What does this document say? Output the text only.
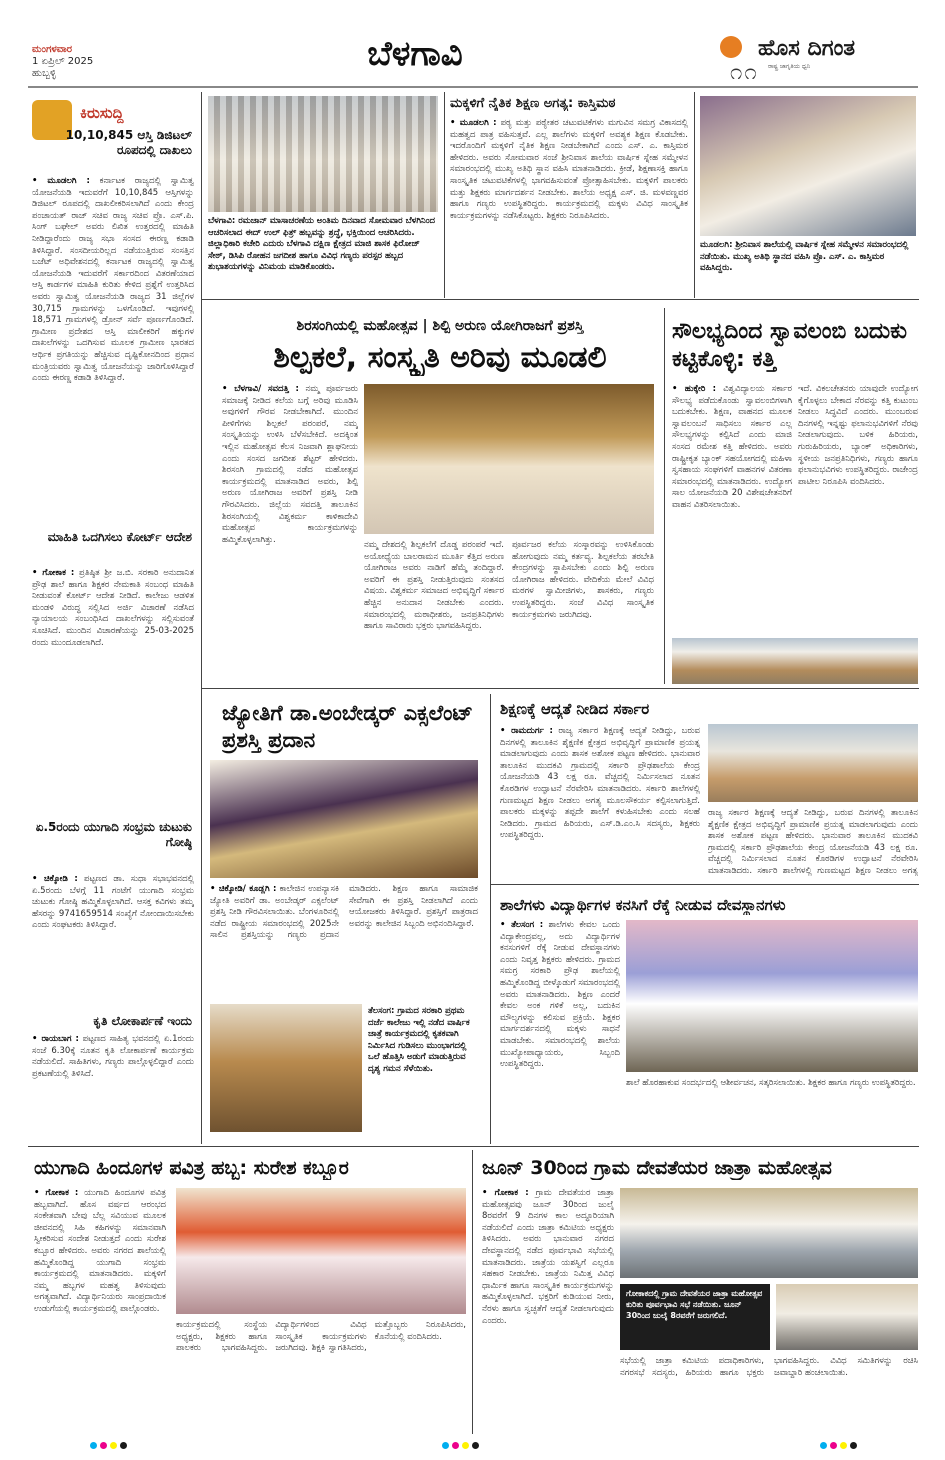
ಮಂಗಳವಾರ
1 ಏಪ್ರಿಲ್ 2025
ಹುಬ್ಬಳ್ಳಿ	ಬೆಳಗಾವಿ	ಹೊಸ ದಿಗಂತ
ರಾಷ್ಟ್ರ ಜಾಗೃತಿಯ ಧ್ವನಿ
೧೧
ಕಿರುಸುದ್ದಿ
10,10,845 ಆಸ್ತಿ ಡಿಜಿಟಲ್ ರೂಪದಲ್ಲಿ ದಾಖಲು
• ಮೂಡಲಗಿ : ಕರ್ನಾಟಕ ರಾಜ್ಯದಲ್ಲಿ ಸ್ವಾಮಿತ್ವ ಯೋಜನೆಯಡಿ ಇದುವರೆಗೆ 10,10,845 ಆಸ್ತಿಗಳನ್ನು ಡಿಜಿಟಲ್ ರೂಪದಲ್ಲಿ ದಾಖಲೀಕರಿಸಲಾಗಿದೆ ಎಂದು ಕೇಂದ್ರ ಪಂಚಾಯತ್ ರಾಜ್ ಸಚಿವ ರಾಜ್ಯ ಸಚಿವ ಪ್ರೊ. ಎಸ್.ಪಿ. ಸಿಂಗ್ ಬಘೇಲ್ ಅವರು ಲಿಖಿತ ಉತ್ತರದಲ್ಲಿ ಮಾಹಿತಿ ನೀಡಿದ್ದಾರೆಂದು ರಾಜ್ಯ ಸಭಾ ಸಂಸದ ಈರಣ್ಣ ಕಡಾಡಿ ತಿಳಿಸಿದ್ದಾರೆ. ಸಂಸದೀಯರಿಲ್ಲದ ನಡೆಯುತ್ತಿರುವ ಸಂಸತ್ತಿನ ಬಜೆಟ್ ಅಧಿವೇಶನದಲ್ಲಿ ಕರ್ನಾಟಕ ರಾಜ್ಯದಲ್ಲಿ ಸ್ವಾಮಿತ್ವ ಯೋಜನೆಯಡಿ ಇದುವರೆಗೆ ಸರ್ಕಾರದಿಂದ ವಿತರಣೆಯಾದ ಆಸ್ತಿ ಕಾರ್ಡಗಳ ಮಾಹಿತಿ ಕುರಿತು ಕೇಳಿದ ಪ್ರಶ್ನೆಗೆ ಉತ್ತರಿಸಿದ ಅವರು ಸ್ವಾಮಿತ್ವ ಯೋಜನೆಯಡಿ ರಾಜ್ಯದ 31 ಜಿಲ್ಲೆಗಳ 30,715 ಗ್ರಾಮಗಳನ್ನು ಒಳಗೊಂಡಿದೆ. ಇವುಗಳಲ್ಲಿ 18,571 ಗ್ರಾಮಗಳಲ್ಲಿ ಡ್ರೋನ್ ಸರ್ವೆ ಪೂರ್ಣಗೊಂಡಿದೆ. ಗ್ರಾಮೀಣ ಪ್ರದೇಶದ ಆಸ್ತಿ ಮಾಲೀಕರಿಗೆ ಹಕ್ಕುಗಳ ದಾಖಲೆಗಳನ್ನು ಒದಗಿಸುವ ಮೂಲಕ ಗ್ರಾಮೀಣ ಭಾರತದ ಆರ್ಥಿಕ ಪ್ರಗತಿಯನ್ನು ಹೆಚ್ಚಿಸುವ ದೃಷ್ಟಿಕೋನದಿಂದ ಪ್ರಧಾನ ಮಂತ್ರಿಯವರು ಸ್ವಾಮಿತ್ವ ಯೋಜನೆಯನ್ನು ಜಾರಿಗೊಳಿಸಿದ್ದಾರೆ ಎಂದು ಈರಣ್ಣ ಕಡಾಡಿ ತಿಳಿಸಿದ್ದಾರೆ.
ಮಾಹಿತಿ ಒದಗಿಸಲು ಕೋರ್ಟ್ ಆದೇಶ
• ಗೋಕಾಕ : ಪ್ರತಿಷ್ಠಿತ ಶ್ರೀ ಜ.ಬಿ. ಸರಕಾರಿ ಅನುದಾನಿತ ಪ್ರೌಢ ಶಾಲೆ ಹಾಗೂ ಶಿಕ್ಷಕರ ನೇಮಕಾತಿ ಸಂಬಂಧ ಮಾಹಿತಿ ನೀಡುವಂತೆ ಕೋರ್ಟ್ ಆದೇಶ ನೀಡಿದೆ. ಕಾಲೇಜು ಆಡಳಿತ ಮಂಡಳಿ ವಿರುದ್ಧ ಸಲ್ಲಿಸಿದ ಅರ್ಜಿ ವಿಚಾರಣೆ ನಡೆಸಿದ ನ್ಯಾಯಾಲಯ ಸಂಬಂಧಿಸಿದ ದಾಖಲೆಗಳನ್ನು ಸಲ್ಲಿಸುವಂತೆ ಸೂಚಿಸಿದೆ. ಮುಂದಿನ ವಿಚಾರಣೆಯನ್ನು 25-03-2025 ರಂದು ಮುಂದೂಡಲಾಗಿದೆ.
ಏ.5ರಂದು ಯುಗಾದಿ ಸಂಭ್ರಮ ಚುಟುಕು ಗೋಷ್ಠಿ
• ಚಿಕ್ಕೋಡಿ : ಪಟ್ಟಣದ ಡಾ. ಸುಧಾ ಸಭಾಭವನದಲ್ಲಿ ಏ.5ರಂದು ಬೆಳಗ್ಗೆ 11 ಗಂಟೆಗೆ ಯುಗಾದಿ ಸಂಭ್ರಮ ಚುಟುಕು ಗೋಷ್ಠಿ ಹಮ್ಮಿಕೊಳ್ಳಲಾಗಿದೆ. ಆಸಕ್ತ ಕವಿಗಳು ತಮ್ಮ ಹೆಸರನ್ನು 9741659514 ಸಂಖ್ಯೆಗೆ ನೋಂದಾಯಿಸಬೇಕು ಎಂದು ಸಂಘಟಕರು ತಿಳಿಸಿದ್ದಾರೆ.
ಕೃತಿ ಲೋಕಾರ್ಪಣೆ ಇಂದು
• ರಾಯಬಾಗ : ಪಟ್ಟಣದ ಸಾಹಿತ್ಯ ಭವನದಲ್ಲಿ ಏ.1ರಂದು ಸಂಜೆ 6.30ಕ್ಕೆ ನೂತನ ಕೃತಿ ಲೋಕಾರ್ಪಣೆ ಕಾರ್ಯಕ್ರಮ ನಡೆಯಲಿದೆ. ಸಾಹಿತಿಗಳು, ಗಣ್ಯರು ಪಾಲ್ಗೊಳ್ಳಲಿದ್ದಾರೆ ಎಂದು ಪ್ರಕಟಣೆಯಲ್ಲಿ ತಿಳಿಸಿದೆ.
ಬೆಳಗಾವಿ: ರಮಜಾನ್ ಮಾಸಾಚರಣೆಯ ಅಂತಿಮ ದಿನವಾದ ಸೋಮವಾರ ಬೆಳಗಿನಿಂದ ಆಚರಿಸಲಾದ ಈದ್ ಉಲ್ ಫಿತ್ರ್ ಹಬ್ಬವನ್ನು ಶ್ರದ್ಧೆ, ಭಕ್ತಿಯಿಂದ ಆಚರಿಸಿದರು. ಜಿಲ್ಲಾಧಿಕಾರಿ ಕಚೇರಿ ಎದುರು ಬೆಳಗಾವಿ ದಕ್ಷಿಣ ಕ್ಷೇತ್ರದ ಮಾಜಿ ಶಾಸಕ ಫಿರೋಜ್ ಸೇಠ್, ಡಿಸಿಪಿ ರೋಹನ ಜಗದೀಶ ಹಾಗೂ ವಿವಿಧ ಗಣ್ಯರು ಪರಸ್ಪರ ಹಬ್ಬದ ಶುಭಾಶಯಗಳನ್ನು ವಿನಿಮಯ ಮಾಡಿಕೊಂಡರು.
ಮಕ್ಕಳಿಗೆ ನೈತಿಕ ಶಿಕ್ಷಣ ಅಗತ್ಯ: ಕಾಸ್ತಿಮಠ
• ಮೂಡಲಗಿ : ಪಠ್ಯ ಮತ್ತು ಪಠ್ಯೇತರ ಚಟುವಟಿಕೆಗಳು ಮಗುವಿನ ಸಮಗ್ರ ವಿಕಾಸದಲ್ಲಿ ಮಹತ್ವದ ಪಾತ್ರ ವಹಿಸುತ್ತವೆ. ಎಲ್ಲ ಶಾಲೆಗಳು ಮಕ್ಕಳಿಗೆ ಅವಶ್ಯಕ ಶಿಕ್ಷಣ ಕೊಡಬೇಕು. ಇದರೊಂದಿಗೆ ಮಕ್ಕಳಿಗೆ ನೈತಿಕ ಶಿಕ್ಷಣ ನೀಡಬೇಕಾಗಿದೆ ಎಂದು ಎಸ್. ಎ. ಕಾಸ್ತಿಮಠ ಹೇಳಿದರು. ಅವರು ಸೋಮವಾರ ಸಂಜೆ ಶ್ರೀನಿವಾಸ ಶಾಲೆಯ ವಾರ್ಷಿಕ ಸ್ನೇಹ ಸಮ್ಮೇಳನ ಸಮಾರಂಭದಲ್ಲಿ ಮುಖ್ಯ ಅತಿಥಿ ಸ್ಥಾನ ವಹಿಸಿ ಮಾತನಾಡಿದರು. ಕ್ರೀಡೆ, ಶಿಕ್ಷಣಾಸಕ್ತಿ ಹಾಗೂ ಸಾಂಸ್ಕೃತಿಕ ಚಟುವಟಿಕೆಗಳಲ್ಲಿ ಭಾಗವಹಿಸುವಂತೆ ಪ್ರೋತ್ಸಾಹಿಸಬೇಕು. ಮಕ್ಕಳಿಗೆ ಪಾಲಕರು ಮತ್ತು ಶಿಕ್ಷಕರು ಮಾರ್ಗದರ್ಶನ ನೀಡಬೇಕು. ಶಾಲೆಯ ಅಧ್ಯಕ್ಷ ಎಸ್. ಜಿ. ಮಳವಣ್ಣವರ ಹಾಗೂ ಗಣ್ಯರು ಉಪಸ್ಥಿತರಿದ್ದರು. ಕಾರ್ಯಕ್ರಮದಲ್ಲಿ ಮಕ್ಕಳು ವಿವಿಧ ಸಾಂಸ್ಕೃತಿಕ ಕಾರ್ಯಕ್ರಮಗಳನ್ನು ನಡೆಸಿಕೊಟ್ಟರು. ಶಿಕ್ಷಕರು ನಿರೂಪಿಸಿದರು.
ಮೂಡಲಗಿ: ಶ್ರೀನಿವಾಸ ಶಾಲೆಯಲ್ಲಿ ವಾರ್ಷಿಕ ಸ್ನೇಹ ಸಮ್ಮೇಳನ ಸಮಾರಂಭದಲ್ಲಿ ನಡೆಯಿತು. ಮುಖ್ಯ ಅತಿಥಿ ಸ್ಥಾನದ ವಹಿಸಿ ಪ್ರೊ. ಎಸ್. ಎ. ಕಾಸ್ತಿಮಠ ವಹಿಸಿದ್ದರು.
ಶಿರಸಂಗಿಯಲ್ಲಿ ಮಹೋತ್ಸವ | ಶಿಲ್ಪಿ ಅರುಣ ಯೋಗಿರಾಜಗೆ ಪ್ರಶಸ್ತಿ
ಶಿಲ್ಪಕಲೆ, ಸಂಸ್ಕೃತಿ ಅರಿವು ಮೂಡಲಿ
• ಬೆಳಗಾವಿ/ ಸವದತ್ತಿ : ನಮ್ಮ ಪೂರ್ವಜರು ಸಮಾಜಕ್ಕೆ ನೀಡಿದ ಕಲೆಯ ಬಗ್ಗೆ ಅರಿವು ಮೂಡಿಸಿ ಅವುಗಳಿಗೆ ಗೌರವ ನೀಡಬೇಕಾಗಿದೆ. ಮುಂದಿನ ಪೀಳಿಗೆಗಳು ಶಿಲ್ಪಕಲೆ ಪರಂಪರೆ, ನಮ್ಮ ಸಂಸ್ಕೃತಿಯನ್ನು ಉಳಿಸಿ ಬೆಳೆಸಬೇಕಿದೆ. ಅದಕ್ಕಿಂತ ಇಲ್ಲಿನ ಮಹೋತ್ಸವ ಕೆಲಸ ನಿಜವಾಗಿ ಶ್ಲಾಘನೀಯ ಎಂದು ಸಂಸದ ಜಗದೀಶ ಶೆಟ್ಟರ್ ಹೇಳಿದರು. ಶಿರಸಂಗಿ ಗ್ರಾಮದಲ್ಲಿ ನಡೆದ ಮಹೋತ್ಸವ ಕಾರ್ಯಕ್ರಮದಲ್ಲಿ ಮಾತನಾಡಿದ ಅವರು, ಶಿಲ್ಪಿ ಅರುಣ ಯೋಗಿರಾಜ ಅವರಿಗೆ ಪ್ರಶಸ್ತಿ ನೀಡಿ ಗೌರವಿಸಿದರು. ಜಿಲ್ಲೆಯ ಸವದತ್ತಿ ತಾಲೂಕಿನ ಶಿರಸಂಗಿಯಲ್ಲಿ ವಿಶ್ವಕರ್ಮ ಕಾಳಿಕಾದೇವಿ ಮಹೋತ್ಸವ ಕಾರ್ಯಕ್ರಮಗಳನ್ನು ಹಮ್ಮಿಕೊಳ್ಳಲಾಗಿತ್ತು.
ನಮ್ಮ ದೇಶದಲ್ಲಿ ಶಿಲ್ಪಕಲೆಗೆ ದೊಡ್ಡ ಪರಂಪರೆ ಇದೆ. ಅಯೋಧ್ಯೆಯ ಬಾಲರಾಮನ ಮೂರ್ತಿ ಕೆತ್ತಿದ ಅರುಣ ಯೋಗಿರಾಜ ಅವರು ನಾಡಿಗೆ ಹೆಮ್ಮೆ ತಂದಿದ್ದಾರೆ. ಅವರಿಗೆ ಈ ಪ್ರಶಸ್ತಿ ನೀಡುತ್ತಿರುವುದು ಸಂತಸದ ವಿಷಯ. ವಿಶ್ವಕರ್ಮ ಸಮಾಜದ ಅಭಿವೃದ್ಧಿಗೆ ಸರ್ಕಾರ ಹೆಚ್ಚಿನ ಅನುದಾನ ನೀಡಬೇಕು ಎಂದರು. ಸಮಾರಂಭದಲ್ಲಿ ಮಠಾಧೀಶರು, ಜನಪ್ರತಿನಿಧಿಗಳು ಹಾಗೂ ಸಾವಿರಾರು ಭಕ್ತರು ಭಾಗವಹಿಸಿದ್ದರು.
ಪೂರ್ವಜರ ಕಲೆಯ ಸಂಸ್ಕಾರವನ್ನು ಉಳಿಸಿಕೊಂಡು ಹೋಗುವುದು ನಮ್ಮ ಕರ್ತವ್ಯ. ಶಿಲ್ಪಕಲೆಯ ತರಬೇತಿ ಕೇಂದ್ರಗಳನ್ನು ಸ್ಥಾಪಿಸಬೇಕು ಎಂದು ಶಿಲ್ಪಿ ಅರುಣ ಯೋಗಿರಾಜ ಹೇಳಿದರು. ವೇದಿಕೆಯ ಮೇಲೆ ವಿವಿಧ ಮಠಗಳ ಸ್ವಾಮೀಜಿಗಳು, ಶಾಸಕರು, ಗಣ್ಯರು ಉಪಸ್ಥಿತರಿದ್ದರು. ಸಂಜೆ ವಿವಿಧ ಸಾಂಸ್ಕೃತಿಕ ಕಾರ್ಯಕ್ರಮಗಳು ಜರುಗಿದವು.
ಸೌಲಭ್ಯದಿಂದ ಸ್ವಾವಲಂಬಿ ಬದುಕು ಕಟ್ಟಿಕೊಳ್ಳಿ: ಕತ್ತಿ
• ಹುಕ್ಕೇರಿ : ವಿಶ್ವವಿದ್ಯಾಲಯ ಸರ್ಕಾರ ಸೌಲಭ್ಯ ಪಡೆದುಕೊಂಡು ಸ್ವಾವಲಂಬಿಗಳಾಗಿ ಬದುಕಬೇಕು. ಶಿಕ್ಷಣ, ವಾಹನದ ಮೂಲಕ ಸ್ವಾವಲಂಬನೆ ಸಾಧಿಸಲು ಸರ್ಕಾರ ಎಲ್ಲ ಸೌಲಭ್ಯಗಳನ್ನು ಕಲ್ಪಿಸಿದೆ ಎಂದು ಮಾಜಿ ಸಂಸದ ರಮೇಶ ಕತ್ತಿ ಹೇಳಿದರು. ಅವರು ರಾಷ್ಟ್ರೀಕೃತ ಬ್ಯಾಂಕ್ ಸಹಯೋಗದಲ್ಲಿ ಮಹಿಳಾ ಸ್ವಸಹಾಯ ಸಂಘಗಳಿಗೆ ವಾಹನಗಳ ವಿತರಣಾ ಸಮಾರಂಭದಲ್ಲಿ ಮಾತನಾಡಿದರು. ಉದ್ಯೋಗ ಸಾಲ ಯೋಜನೆಯಡಿ 20 ವಿಶೇಷಚೇತನರಿಗೆ ವಾಹನ ವಿತರಿಸಲಾಯಿತು.
ಇದೆ. ವಿಕಲಚೇತನರು ಯಾವುದೇ ಉದ್ಯೋಗ ಕೈಗೊಳ್ಳಲು ಬೇಕಾದ ನೆರವನ್ನು ಕತ್ತಿ ಕುಟುಂಬ ನೀಡಲು ಸಿದ್ಧವಿದೆ ಎಂದರು. ಮುಂಬರುವ ದಿನಗಳಲ್ಲಿ ಇನ್ನಷ್ಟು ಫಲಾನುಭವಿಗಳಿಗೆ ನೆರವು ನೀಡಲಾಗುವುದು. ಬಳಿಕ ಹಿರಿಯರು, ಗುರುಹಿರಿಯರು, ಬ್ಯಾಂಕ್ ಅಧಿಕಾರಿಗಳು, ಸ್ಥಳೀಯ ಜನಪ್ರತಿನಿಧಿಗಳು, ಗಣ್ಯರು ಹಾಗೂ ಫಲಾನುಭವಿಗಳು ಉಪಸ್ಥಿತರಿದ್ದರು. ರಾಜೇಂದ್ರ ಪಾಟೀಲ ನಿರೂಪಿಸಿ ವಂದಿಸಿದರು.
ಜ್ಯೋತಿಗೆ ಡಾ.ಅಂಬೇಡ್ಕರ್ ಎಕ್ಸಲೆಂಟ್ ಪ್ರಶಸ್ತಿ ಪ್ರದಾನ
• ಚಿಕ್ಕೋಡಿ/ ಕೂಡ್ಲಗಿ : ಕಾಲೇಜಿನ ಉಪನ್ಯಾಸಕಿ ಜ್ಯೋತಿ ಅವರಿಗೆ ಡಾ. ಅಂಬೇಡ್ಕರ್ ಎಕ್ಸಲೆಂಟ್ ಪ್ರಶಸ್ತಿ ನೀಡಿ ಗೌರವಿಸಲಾಯಿತು. ಬೆಂಗಳೂರಿನಲ್ಲಿ ನಡೆದ ರಾಷ್ಟ್ರೀಯ ಸಮಾರಂಭದಲ್ಲಿ 2025ನೇ ಸಾಲಿನ ಪ್ರಶಸ್ತಿಯನ್ನು ಗಣ್ಯರು ಪ್ರದಾನ ಮಾಡಿದರು. ಶಿಕ್ಷಣ ಹಾಗೂ ಸಾಮಾಜಿಕ ಸೇವೆಗಾಗಿ ಈ ಪ್ರಶಸ್ತಿ ನೀಡಲಾಗಿದೆ ಎಂದು ಆಯೋಜಕರು ತಿಳಿಸಿದ್ದಾರೆ. ಪ್ರಶಸ್ತಿಗೆ ಪಾತ್ರರಾದ ಅವರನ್ನು ಕಾಲೇಜಿನ ಸಿಬ್ಬಂದಿ ಅಭಿನಂದಿಸಿದ್ದಾರೆ.
ತೆಲಸಂಗ: ಗ್ರಾಮದ ಸರಕಾರಿ ಪ್ರಥಮ ದರ್ಜೆ ಕಾಲೇಜು ಇಲ್ಲಿ ನಡೆದ ವಾರ್ಷಿಕ ಜಾತ್ರೆ ಕಾರ್ಯಕ್ರಮದಲ್ಲಿ ಕೃತಕವಾಗಿ ನಿರ್ಮಿಸಿದ ಗುಡಿಸಲು ಮುಂಭಾಗದಲ್ಲಿ ಒಲೆ ಹೊತ್ತಿಸಿ ಅಡುಗೆ ಮಾಡುತ್ತಿರುವ ದೃಶ್ಯ ಗಮನ ಸೆಳೆಯಿತು.
ಶಿಕ್ಷಣಕ್ಕೆ ಆದ್ಯತೆ ನೀಡಿದ ಸರ್ಕಾರ
• ರಾಮದುರ್ಗ : ರಾಜ್ಯ ಸರ್ಕಾರ ಶಿಕ್ಷಣಕ್ಕೆ ಆದ್ಯತೆ ನೀಡಿದ್ದು, ಬರುವ ದಿನಗಳಲ್ಲಿ ತಾಲೂಕಿನ ಶೈಕ್ಷಣಿಕ ಕ್ಷೇತ್ರದ ಅಭಿವೃದ್ಧಿಗೆ ಪ್ರಾಮಾಣಿಕ ಪ್ರಯತ್ನ ಮಾಡಲಾಗುವುದು ಎಂದು ಶಾಸಕ ಅಶೋಕ ಪಟ್ಟಣ ಹೇಳಿದರು. ಭಾನುವಾರ ತಾಲೂಕಿನ ಮುದಕವಿ ಗ್ರಾಮದಲ್ಲಿ ಸರ್ಕಾರಿ ಪ್ರೌಢಶಾಲೆಯ ಕೇಂದ್ರ ಯೋಜನೆಯಡಿ 43 ಲಕ್ಷ ರೂ. ವೆಚ್ಚದಲ್ಲಿ ನಿರ್ಮಿಸಲಾದ ನೂತನ ಕೊಠಡಿಗಳ ಉದ್ಘಾಟನೆ ನೆರವೇರಿಸಿ ಮಾತನಾಡಿದರು. ಸರ್ಕಾರಿ ಶಾಲೆಗಳಲ್ಲಿ ಗುಣಮಟ್ಟದ ಶಿಕ್ಷಣ ನೀಡಲು ಅಗತ್ಯ ಮೂಲಸೌಕರ್ಯ ಕಲ್ಪಿಸಲಾಗುತ್ತಿದೆ. ಪಾಲಕರು ಮಕ್ಕಳನ್ನು ತಪ್ಪದೇ ಶಾಲೆಗೆ ಕಳುಹಿಸಬೇಕು ಎಂದು ಸಲಹೆ ನೀಡಿದರು. ಗ್ರಾಮದ ಹಿರಿಯರು, ಎಸ್.ಡಿ.ಎಂ.ಸಿ ಸದಸ್ಯರು, ಶಿಕ್ಷಕರು ಉಪಸ್ಥಿತರಿದ್ದರು.
ರಾಜ್ಯ ಸರ್ಕಾರ ಶಿಕ್ಷಣಕ್ಕೆ ಆದ್ಯತೆ ನೀಡಿದ್ದು, ಬರುವ ದಿನಗಳಲ್ಲಿ ತಾಲೂಕಿನ ಶೈಕ್ಷಣಿಕ ಕ್ಷೇತ್ರದ ಅಭಿವೃದ್ಧಿಗೆ ಪ್ರಾಮಾಣಿಕ ಪ್ರಯತ್ನ ಮಾಡಲಾಗುವುದು ಎಂದು ಶಾಸಕ ಅಶೋಕ ಪಟ್ಟಣ ಹೇಳಿದರು. ಭಾನುವಾರ ತಾಲೂಕಿನ ಮುದಕವಿ ಗ್ರಾಮದಲ್ಲಿ ಸರ್ಕಾರಿ ಪ್ರೌಢಶಾಲೆಯ ಕೇಂದ್ರ ಯೋಜನೆಯಡಿ 43 ಲಕ್ಷ ರೂ. ವೆಚ್ಚದಲ್ಲಿ ನಿರ್ಮಿಸಲಾದ ನೂತನ ಕೊಠಡಿಗಳ ಉದ್ಘಾಟನೆ ನೆರವೇರಿಸಿ ಮಾತನಾಡಿದರು. ಸರ್ಕಾರಿ ಶಾಲೆಗಳಲ್ಲಿ ಗುಣಮಟ್ಟದ ಶಿಕ್ಷಣ ನೀಡಲು ಅಗತ್ಯ
ಶಾಲೆಗಳು ವಿದ್ಯಾರ್ಥಿಗಳ ಕನಸಿಗೆ ರೆಕ್ಕೆ ನೀಡುವ ದೇವಸ್ಥಾನಗಳು
• ತೆಲಸಂಗ : ಶಾಲೆಗಳು ಕೇವಲ ಒಂದು ವಿದ್ಯಾಕೇಂದ್ರವಲ್ಲ, ಅದು ವಿದ್ಯಾರ್ಥಿಗಳ ಕನಸುಗಳಿಗೆ ರೆಕ್ಕೆ ನೀಡುವ ದೇವಸ್ಥಾನಗಳು ಎಂದು ನಿವೃತ್ತ ಶಿಕ್ಷಕರು ಹೇಳಿದರು. ಗ್ರಾಮದ ಸಮಗ್ರ ಸರಕಾರಿ ಪ್ರೌಢ ಶಾಲೆಯಲ್ಲಿ ಹಮ್ಮಿಕೊಂಡಿದ್ದ ಬೀಳ್ಕೊಡುಗೆ ಸಮಾರಂಭದಲ್ಲಿ ಅವರು ಮಾತನಾಡಿದರು. ಶಿಕ್ಷಣ ಎಂದರೆ ಕೇವಲ ಅಂಕ ಗಳಿಕೆ ಅಲ್ಲ, ಬದುಕಿನ ಮೌಲ್ಯಗಳನ್ನು ಕಲಿಸುವ ಪ್ರಕ್ರಿಯೆ. ಶಿಕ್ಷಕರ ಮಾರ್ಗದರ್ಶನದಲ್ಲಿ ಮಕ್ಕಳು ಸಾಧನೆ ಮಾಡಬೇಕು. ಸಮಾರಂಭದಲ್ಲಿ ಶಾಲೆಯ ಮುಖ್ಯೋಪಾಧ್ಯಾಯರು, ಸಿಬ್ಬಂದಿ ಉಪಸ್ಥಿತರಿದ್ದರು.
ಶಾಲೆ ಹೊರಹಾಕುವ ಸಂದರ್ಭದಲ್ಲಿ ಆಶೀರ್ವಚನ, ಸತ್ಕರಿಸಲಾಯಿತು. ಶಿಕ್ಷಕರ ಹಾಗೂ ಗಣ್ಯರು ಉಪಸ್ಥಿತರಿದ್ದರು.
ಯುಗಾದಿ ಹಿಂದೂಗಳ ಪವಿತ್ರ ಹಬ್ಬ: ಸುರೇಶ ಕಬ್ಬೂರ
• ಗೋಕಾಕ : ಯುಗಾದಿ ಹಿಂದೂಗಳ ಪವಿತ್ರ ಹಬ್ಬವಾಗಿದೆ. ಹೊಸ ವರ್ಷದ ಆರಂಭದ ಸಂಕೇತವಾಗಿ ಬೇವು ಬೆಲ್ಲ ಸವಿಯುವ ಮೂಲಕ ಜೀವನದಲ್ಲಿ ಸಿಹಿ ಕಹಿಗಳನ್ನು ಸಮಾನವಾಗಿ ಸ್ವೀಕರಿಸುವ ಸಂದೇಶ ನೀಡುತ್ತದೆ ಎಂದು ಸುರೇಶ ಕಬ್ಬೂರ ಹೇಳಿದರು. ಅವರು ನಗರದ ಶಾಲೆಯಲ್ಲಿ ಹಮ್ಮಿಕೊಂಡಿದ್ದ ಯುಗಾದಿ ಸಂಭ್ರಮ ಕಾರ್ಯಕ್ರಮದಲ್ಲಿ ಮಾತನಾಡಿದರು. ಮಕ್ಕಳಿಗೆ ನಮ್ಮ ಹಬ್ಬಗಳ ಮಹತ್ವ ತಿಳಿಸುವುದು ಅಗತ್ಯವಾಗಿದೆ. ವಿದ್ಯಾರ್ಥಿನಿಯರು ಸಾಂಪ್ರದಾಯಿಕ ಉಡುಗೆಯಲ್ಲಿ ಕಾರ್ಯಕ್ರಮದಲ್ಲಿ ಪಾಲ್ಗೊಂಡರು.
ಕಾರ್ಯಕ್ರಮದಲ್ಲಿ ಸಂಸ್ಥೆಯ ಅಧ್ಯಕ್ಷರು, ಶಿಕ್ಷಕರು ಹಾಗೂ ಪಾಲಕರು ಭಾಗವಹಿಸಿದ್ದರು. ವಿದ್ಯಾರ್ಥಿಗಳಿಂದ ವಿವಿಧ ಸಾಂಸ್ಕೃತಿಕ ಕಾರ್ಯಕ್ರಮಗಳು ಜರುಗಿದವು. ಶಿಕ್ಷಕಿ ಸ್ವಾಗತಿಸಿದರು, ಮತ್ತೊಬ್ಬರು ನಿರೂಪಿಸಿದರು, ಕೊನೆಯಲ್ಲಿ ವಂದಿಸಿದರು.
ಜೂನ್ 30ರಿಂದ ಗ್ರಾಮ ದೇವತೆಯರ ಜಾತ್ರಾ ಮಹೋತ್ಸವ
• ಗೋಕಾಕ : ಗ್ರಾಮ ದೇವತೆಯರ ಜಾತ್ರಾ ಮಹೋತ್ಸವವು ಜೂನ್ 30ರಿಂದ ಜುಲೈ 8ರವರೆಗೆ 9 ದಿನಗಳ ಕಾಲ ಅದ್ಧೂರಿಯಾಗಿ ನಡೆಯಲಿದೆ ಎಂದು ಜಾತ್ರಾ ಕಮಿಟಿಯ ಅಧ್ಯಕ್ಷರು ತಿಳಿಸಿದರು. ಅವರು ಭಾನುವಾರ ನಗರದ ದೇವಸ್ಥಾನದಲ್ಲಿ ನಡೆದ ಪೂರ್ವಭಾವಿ ಸಭೆಯಲ್ಲಿ ಮಾತನಾಡಿದರು. ಜಾತ್ರೆಯ ಯಶಸ್ವಿಗೆ ಎಲ್ಲರೂ ಸಹಕಾರ ನೀಡಬೇಕು. ಜಾತ್ರೆಯ ನಿಮಿತ್ತ ವಿವಿಧ ಧಾರ್ಮಿಕ ಹಾಗೂ ಸಾಂಸ್ಕೃತಿಕ ಕಾರ್ಯಕ್ರಮಗಳನ್ನು ಹಮ್ಮಿಕೊಳ್ಳಲಾಗಿದೆ. ಭಕ್ತರಿಗೆ ಕುಡಿಯುವ ನೀರು, ನೆರಳು ಹಾಗೂ ಸ್ವಚ್ಛತೆಗೆ ಆದ್ಯತೆ ನೀಡಲಾಗುವುದು ಎಂದರು.
ಗೋಕಾಕದಲ್ಲಿ ಗ್ರಾಮ ದೇವತೆಯರ ಜಾತ್ರಾ ಮಹೋತ್ಸವ ಕುರಿತು ಪೂರ್ವಭಾವಿ ಸಭೆ ನಡೆಯಿತು. ಜೂನ್ 30ರಿಂದ ಜುಲೈ 8ರವರೆಗೆ ಜರುಗಲಿದೆ.
ಸಭೆಯಲ್ಲಿ ಜಾತ್ರಾ ಕಮಿಟಿಯ ಪದಾಧಿಕಾರಿಗಳು, ನಗರಸಭೆ ಸದಸ್ಯರು, ಹಿರಿಯರು ಹಾಗೂ ಭಕ್ತರು ಭಾಗವಹಿಸಿದ್ದರು. ವಿವಿಧ ಸಮಿತಿಗಳನ್ನು ರಚಿಸಿ ಜವಾಬ್ದಾರಿ ಹಂಚಲಾಯಿತು.
